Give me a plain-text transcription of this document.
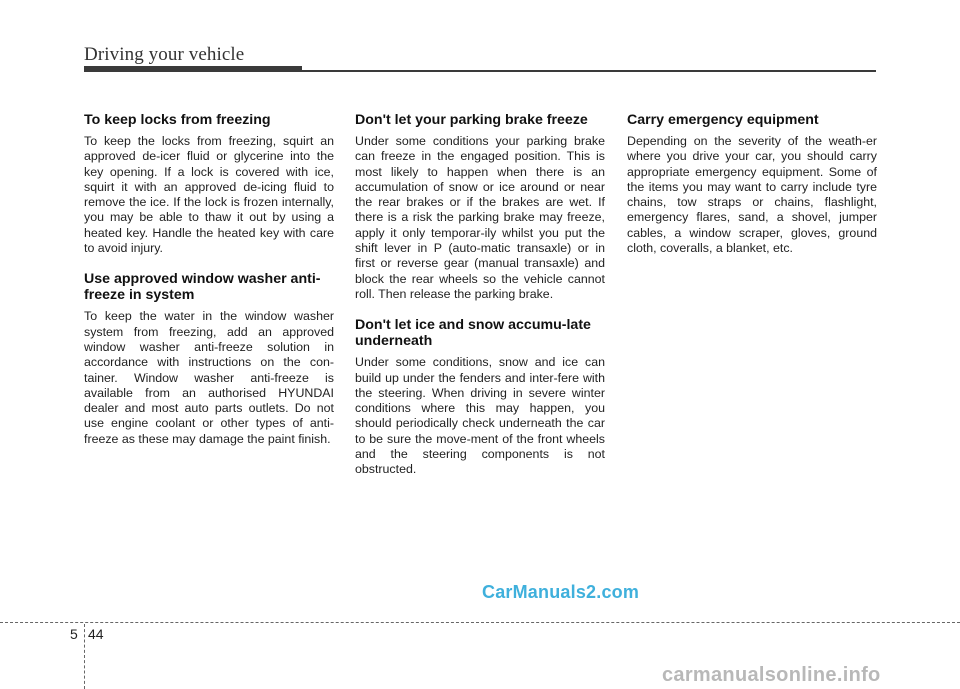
Driving your vehicle
To keep locks from freezing

To keep the locks from freezing, squirt an approved de-icer fluid or glycerine into the key opening. If a lock is covered with ice, squirt it with an approved de-icing fluid to remove the ice. If the lock is frozen internally, you may be able to thaw it out by using a heated key. Handle the heated key with care to avoid injury.

Use approved window washer anti-freeze in system

To keep the water in the window washer system from freezing, add an approved window washer anti-freeze solution in accordance with instructions on the con-tainer. Window washer anti-freeze is available from an authorised HYUNDAI dealer and most auto parts outlets. Do not use engine coolant or other types of anti-freeze as these may damage the paint finish.

Don't let your parking brake freeze

Under some conditions your parking brake can freeze in the engaged position. This is most likely to happen when there is an accumulation of snow or ice around or near the rear brakes or if the brakes are wet. If there is a risk the parking brake may freeze, apply it only temporar-ily whilst you put the shift lever in P (auto-matic transaxle) or in first or reverse gear (manual transaxle) and block the rear wheels so the vehicle cannot roll. Then release the parking brake.

Don't let ice and snow accumu-late underneath

Under some conditions, snow and ice can build up under the fenders and inter-fere with the steering. When driving in severe winter conditions where this may happen, you should periodically check underneath the car to be sure the move-ment of the front wheels and the steering components is not obstructed.

Carry emergency equipment

Depending on the severity of the weath-er where you drive your car, you should carry appropriate emergency equipment. Some of the items you may want to carry include tyre chains, tow straps or chains, flashlight, emergency flares, sand, a shovel, jumper cables, a window scraper, gloves, ground cloth, coveralls, a blanket, etc.

CarManuals2.com
5 44
carmanualsonline.info
